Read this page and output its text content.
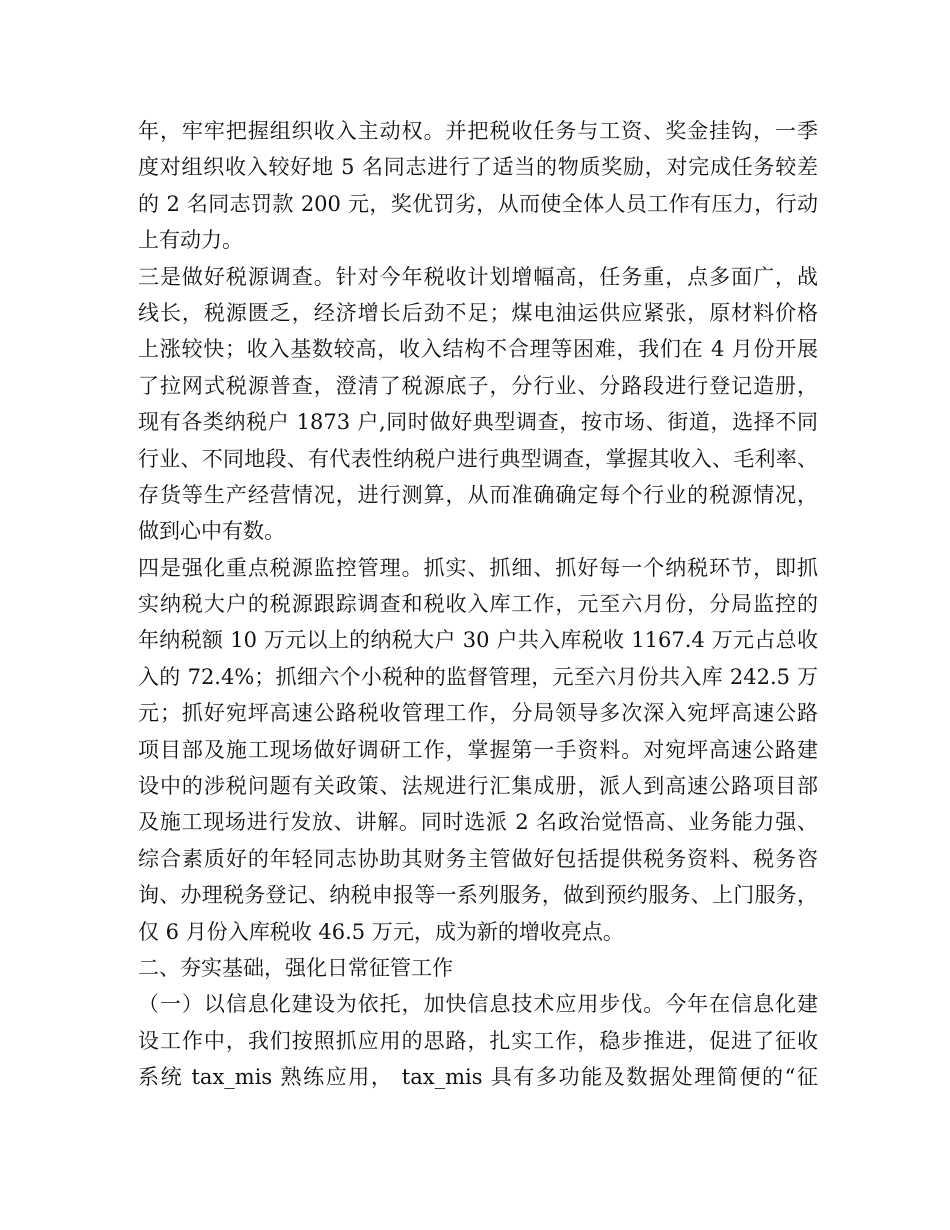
年，牢牢把握组织收入主动权。并把税收任务与工资、奖金挂钩，一季
度对组织收入较好地 5 名同志进行了适当的物质奖励，对完成任务较差
的 2 名同志罚款 200 元，奖优罚劣，从而使全体人员工作有压力，行动
上有动力。
三是做好税源调查。针对今年税收计划增幅高，任务重，点多面广，战
线长，税源匮乏，经济增长后劲不足；煤电油运供应紧张，原材料价格
上涨较快；收入基数较高，收入结构不合理等困难，我们在 4 月份开展
了拉网式税源普查，澄清了税源底子，分行业、分路段进行登记造册，
现有各类纳税户 1873 户,同时做好典型调查，按市场、街道，选择不同
行业、不同地段、有代表性纳税户进行典型调查，掌握其收入、毛利率、
存货等生产经营情况，进行测算，从而准确确定每个行业的税源情况，
做到心中有数。
四是强化重点税源监控管理。抓实、抓细、抓好每一个纳税环节，即抓
实纳税大户的税源跟踪调查和税收入库工作，元至六月份，分局监控的
年纳税额 10 万元以上的纳税大户 30 户共入库税收 1167.4 万元占总收
入的 72.4%；抓细六个小税种的监督管理，元至六月份共入库 242.5 万
元；抓好宛坪高速公路税收管理工作，分局领导多次深入宛坪高速公路
项目部及施工现场做好调研工作，掌握第一手资料。对宛坪高速公路建
设中的涉税问题有关政策、法规进行汇集成册，派人到高速公路项目部
及施工现场进行发放、讲解。同时选派 2 名政治觉悟高、业务能力强、
综合素质好的年轻同志协助其财务主管做好包括提供税务资料、税务咨
询、办理税务登记、纳税申报等一系列服务，做到预约服务、上门服务，
仅 6 月份入库税收 46.5 万元，成为新的增收亮点。
二、夯实基础，强化日常征管工作
（一）以信息化建设为依托，加快信息技术应用步伐。今年在信息化建
设工作中，我们按照抓应用的思路，扎实工作，稳步推进，促进了征收
系统 tax_mis 熟练应用， tax_mis 具有多功能及数据处理简便的“征
